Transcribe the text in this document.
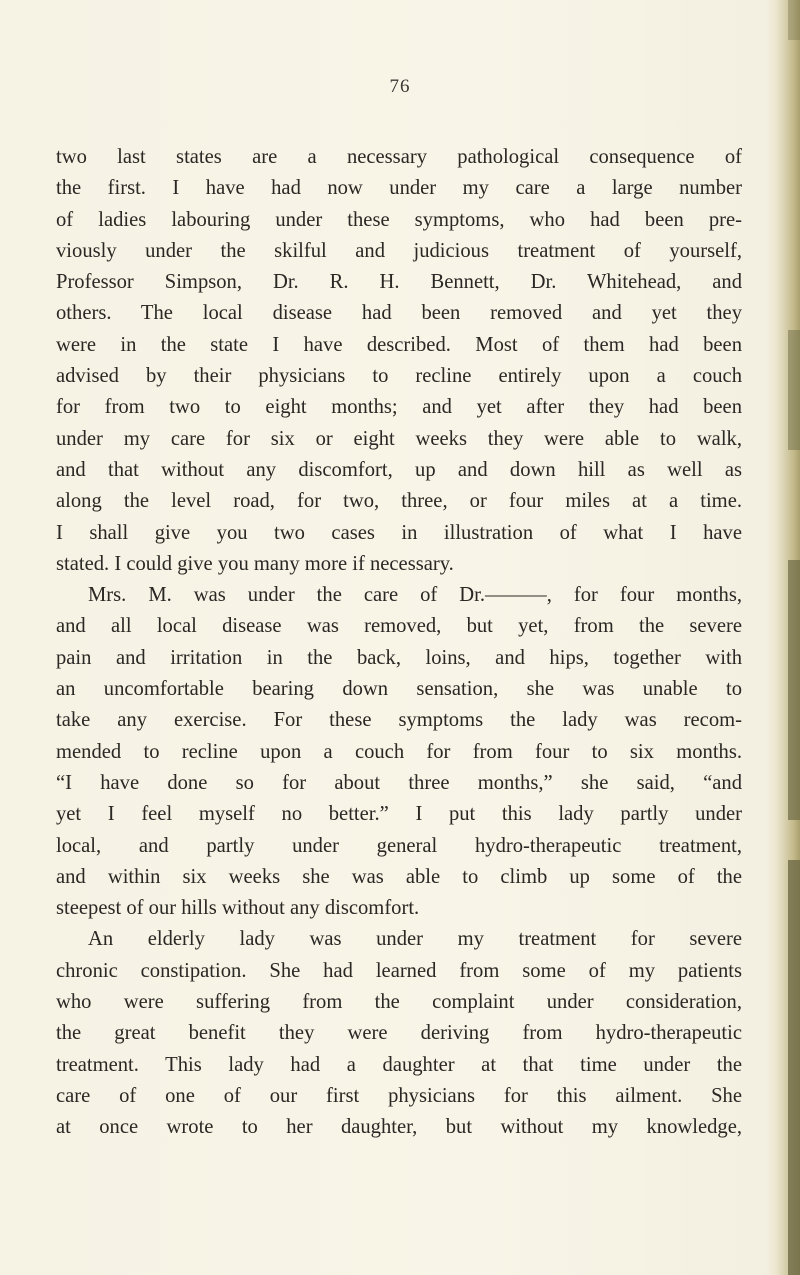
76
two last states are a necessary pathological consequence of
the first. I have had now under my care a large number
of ladies labouring under these symptoms, who had been pre-
viously under the skilful and judicious treatment of yourself,
Professor Simpson, Dr. R. H. Bennett, Dr. Whitehead, and
others. The local disease had been removed and yet they
were in the state I have described. Most of them had been
advised by their physicians to recline entirely upon a couch
for from two to eight months; and yet after they had been
under my care for six or eight weeks they were able to walk,
and that without any discomfort, up and down hill as well as
along the level road, for two, three, or four miles at a time.
I shall give you two cases in illustration of what I have
stated. I could give you many more if necessary.
Mrs. M. was under the care of Dr.———, for four months,
and all local disease was removed, but yet, from the severe
pain and irritation in the back, loins, and hips, together with
an uncomfortable bearing down sensation, she was unable to
take any exercise. For these symptoms the lady was recom-
mended to recline upon a couch for from four to six months.
“I have done so for about three months,” she said, “and
yet I feel myself no better.” I put this lady partly under
local, and partly under general hydro-therapeutic treatment,
and within six weeks she was able to climb up some of the
steepest of our hills without any discomfort.
An elderly lady was under my treatment for severe
chronic constipation. She had learned from some of my patients
who were suffering from the complaint under consideration,
the great benefit they were deriving from hydro-therapeutic
treatment. This lady had a daughter at that time under the
care of one of our first physicians for this ailment. She
at once wrote to her daughter, but without my knowledge,
